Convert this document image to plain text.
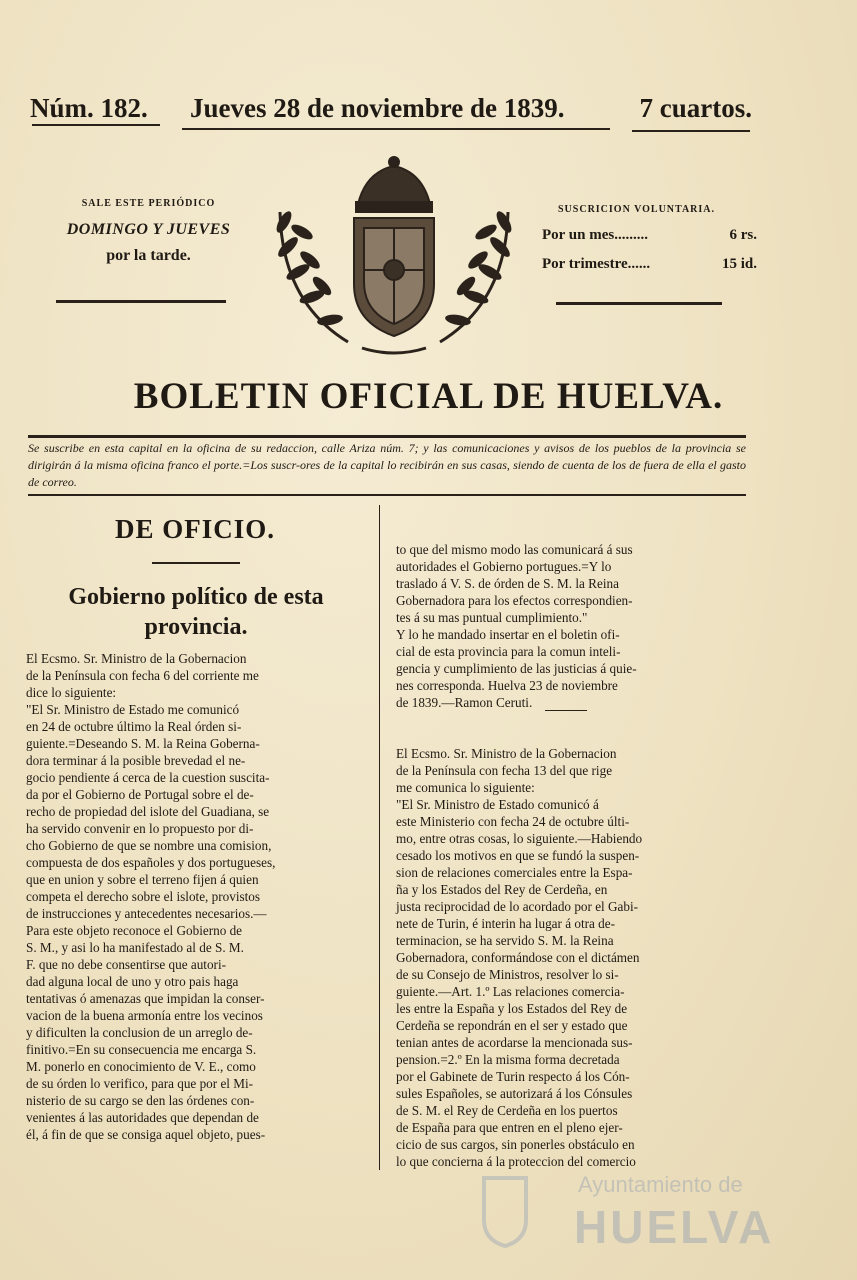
Núm. 182. Jueves 28 de noviembre de 1839.	7 cuartos.
SALE ESTE PERIÓDICO
DOMINGO Y JUEVES
por la tarde.
SUSCRICION VOLUNTARIA.
Por un mes.........	6 rs.
Por trimestre......	15 id.
BOLETIN OFICIAL DE HUELVA.
Se suscribe en esta capital en la oficina de su redaccion, calle Ariza núm. 7; y las comunicaciones y avisos de los pueblos de la provincia se dirigirán á la misma oficina franco el porte.=Los suscr-ores de la capital lo recibirán en sus casas, siendo de cuenta de los de fuera de ella el gasto de correo.
DE OFICIO.
Gobierno político de esta
provincia.

El Ecsmo. Sr. Ministro de la Gobernacion

de la Península con fecha 6 del corriente me

dice lo siguiente:

"El Sr. Ministro de Estado me comunicó

en 24 de octubre último la Real órden si-

guiente.=Deseando S. M. la Reina Goberna-

dora terminar á la posible brevedad el ne-

gocio pendiente á cerca de la cuestion suscita-

da por el Gobierno de Portugal sobre el de-

recho de propiedad del islote del Guadiana, se

ha servido convenir en lo propuesto por di-

cho Gobierno de que se nombre una comision,

compuesta de dos españoles y dos portugueses,

que en union y sobre el terreno fijen á quien

competa el derecho sobre el islote, provistos

de instrucciones y antecedentes necesarios.—

Para este objeto reconoce el Gobierno de

S. M., y asi lo ha manifestado al de S. M.

F. que no debe consentirse que autori-

dad alguna local de uno y otro pais haga

tentativas ó amenazas que impidan la conser-

vacion de la buena armonía entre los vecinos

y dificulten la conclusion de un arreglo de-

finitivo.=En su consecuencia me encarga S.

M. ponerlo en conocimiento de V. E., como

de su órden lo verifico, para que por el Mi-

nisterio de su cargo se den las órdenes con-

venientes á las autoridades que dependan de

él, á fin de que se consiga aquel objeto, pues-

to que del mismo modo las comunicará á sus

autoridades el Gobierno portugues.=Y lo

traslado á V. S. de órden de S. M. la Reina

Gobernadora para los efectos correspondien-

tes á su mas puntual cumplimiento."

Y lo he mandado insertar en el boletin ofi-

cial de esta provincia para la comun inteli-

gencia y cumplimiento de las justicias á quie-

nes corresponda. Huelva 23 de noviembre

de 1839.—Ramon Ceruti.

El Ecsmo. Sr. Ministro de la Gobernacion

de la Península con fecha 13 del que rige

me comunica lo siguiente:

"El Sr. Ministro de Estado comunicó á

este Ministerio con fecha 24 de octubre últi-

mo, entre otras cosas, lo siguiente.—Habiendo

cesado los motivos en que se fundó la suspen-

sion de relaciones comerciales entre la Espa-

ña y los Estados del Rey de Cerdeña, en

justa reciprocidad de lo acordado por el Gabi-

nete de Turin, é interin ha lugar á otra de-

terminacion, se ha servido S. M. la Reina

Gobernadora, conformándose con el dictámen

de su Consejo de Ministros, resolver lo si-

guiente.—Art. 1.º Las relaciones comercia-

les entre la España y los Estados del Rey de

Cerdeña se repondrán en el ser y estado que

tenian antes de acordarse la mencionada sus-

pension.=2.º En la misma forma decretada

por el Gabinete de Turin respecto á los Cón-

sules Españoles, se autorizará á los Cónsules

de S. M. el Rey de Cerdeña en los puertos

de España para que entren en el pleno ejer-

cicio de sus cargos, sin ponerles obstáculo en

lo que concierna á la proteccion del comercio

Ayuntamiento de
HUELVA
